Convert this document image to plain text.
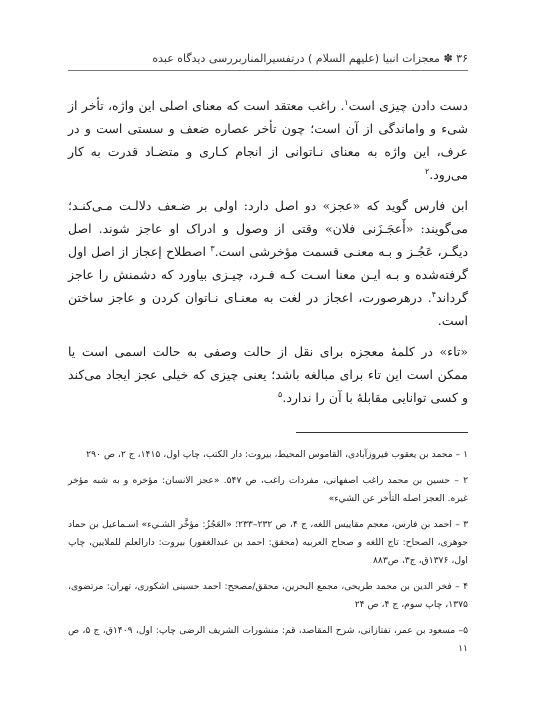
۳۶ ✽ معجزات انبیا (علیهم السلام ) درتفسیرالمناربررسی دیدگاه عبده

دست دادن چیزی است$^۱$. راغب معتقد است که معنای اصلی این واژه، تأخر از شیء و واماندگی از آن است؛ چون تأخر عصاره ضعف و سستی است و در عرف، این واژه به معنای نـاتوانی از انجام کـاری و متضـاد قدرت به کار می‌رود.$^۲$

ابن فارس گوید که «عجز» دو اصل دارد: اولی بر ضـعف دلالـت مـی‌کنـد؛ می‌گویند: «أَعجَـزَنی فلان» وقتی از وصول و ادراک او عاجز شوند. اصل دیگـر، عَجُـز و بـه معنـی قسمت مؤخرشی است.$^۳$ اصطلاح إعجاز از اصل اول گرفته‌شده و بـه ایـن معنا اسـت کـه فـرد، چیـزی بیاورد که دشمنش را عاجز گرداند$^۴$. درهرصورت، اعجاز در لغت به معنـای نـاتوان کردن و عاجز ساختن است.

«تاء» در کلمهٔ معجزه برای نقل از حالت وصفی به حالت اسمی است یا ممکن است این تاء برای مبالغه باشد؛ یعنی چیزی که خیلی عجز ایجاد می‌کند و کسی توانایی مقابلهٔ با آن را ندارد.$^۵$

۱ – محمد بن یعقوب فیروزآبادی، القاموس المحیط، بیروت: دار الکتب، چاپ اول، ۱۴۱۵، ج ۲، ص ۲۹۰

۲ – حسین بن محمد راغب اصفهانی، مفردات راغب، ص ۵۴۷. «عجز الانسان: مؤخره و به شبه مؤخر غیره. العجز اصله التأخر عن الشيء»

۳ – احمد بن فارس، معجم مقاییس اللغه، ج ۴، ص ۲۳۲–۲۳۳؛ «العَجُزُ: مؤخَّر الشـيء» اسـماعیل بن حماد جوهری، الصحاح: تاج اللغه و صحاح العربیه (محقق: احمد بن عبدالغفور) بیروت: دارالعلم للملایین، چاپ اول، ۱۳۷۶ق، ج۳، ص۸۸۳

۴ – فخر الدین بن محمد طریحی، مجمع البحرین، محقق/مصحح: احمد حسینی اشکوری، تهران: مرتضوی، ۱۳۷۵، چاپ سوم، ج ۴، ص ۲۴

۵– مسعود بن عمر، تفتازانی، شرح المقاصد، قم: منشورات الشریف الرضی چاپ: اول، ۱۴۰۹ق، ج ۵، ص ۱۱
